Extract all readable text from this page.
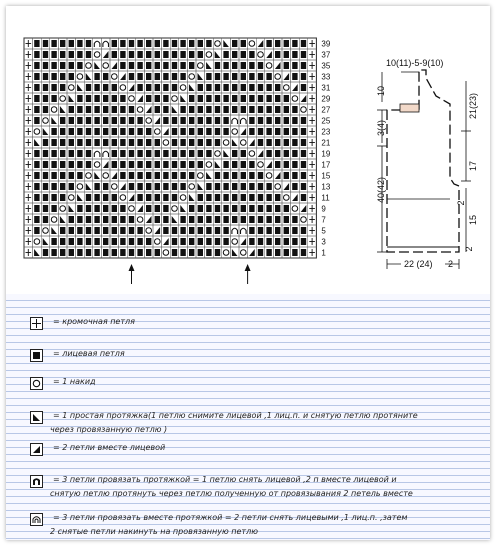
39
37
35
33
31
29
27
25
23
21
19
17
15
13
11
9
7
5
3
1
10(11)-5-9(10)
10
3(4)
40(42)
21(23)
17
2
15
2
22 (24) 2
= кромочная петля
= лицевая петля
= 1 накид
= 1 простая протяжка(1 петлю снимите лицевой ,1 лиц.п. и снятую петлю протяните
через провязанную петлю )
= 2 петли вместе лицевой
= 3 петли провязать протяжкой = 1 петлю снять лицевой ,2 п вместе лицевой и
снятую петлю протянуть через петлю полученную от провязывания 2 петель вместе
= 3 петли провязать вместе протяжкой = 2 петли снять лицевыми ,1 лиц.п. ,затем
2 снятые петли накинуть на провязанную петлю
